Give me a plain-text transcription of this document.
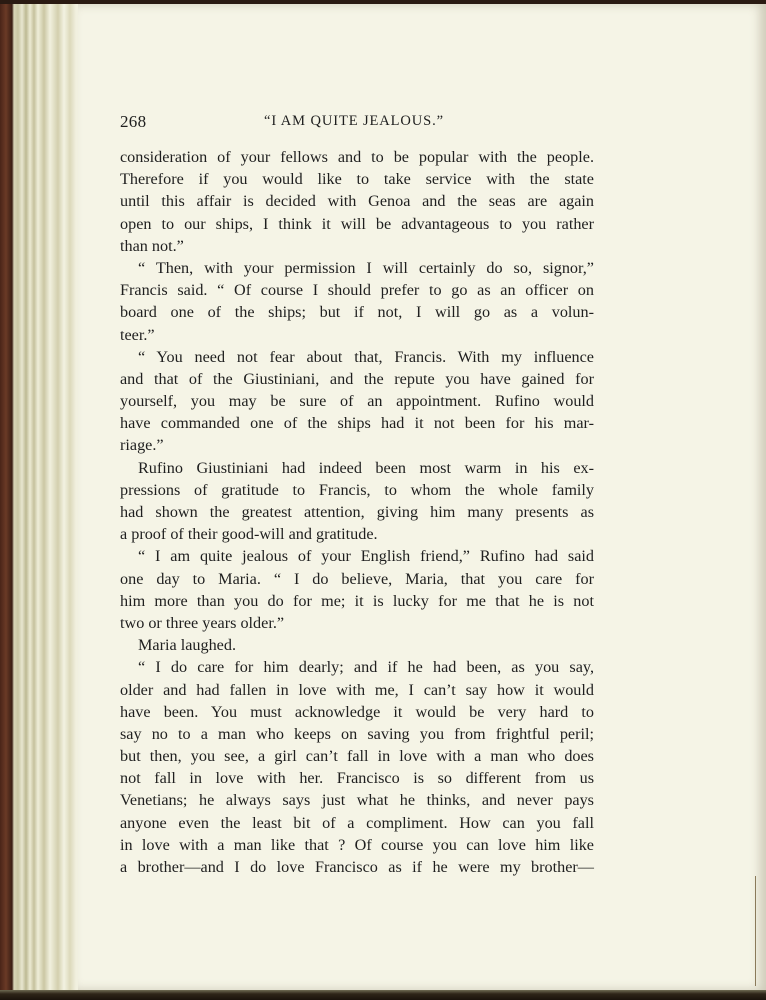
268	“I AM QUITE JEALOUS.”
consideration of your fellows and to be popular with the people.
Therefore if you would like to take service with the state
until this affair is decided with Genoa and the seas are again
open to our ships, I think it will be advantageous to you rather
than not.”
“ Then, with your permission I will certainly do so, signor,”
Francis said. “ Of course I should prefer to go as an officer on
board one of the ships; but if not, I will go as a volun-
teer.”
“ You need not fear about that, Francis. With my influence
and that of the Giustiniani, and the repute you have gained for
yourself, you may be sure of an appointment. Rufino would
have commanded one of the ships had it not been for his mar-
riage.”
Rufino Giustiniani had indeed been most warm in his ex-
pressions of gratitude to Francis, to whom the whole family
had shown the greatest attention, giving him many presents as
a proof of their good-will and gratitude.
“ I am quite jealous of your English friend,” Rufino had said
one day to Maria. “ I do believe, Maria, that you care for
him more than you do for me; it is lucky for me that he is not
two or three years older.”
Maria laughed.
“ I do care for him dearly; and if he had been, as you say,
older and had fallen in love with me, I can’t say how it would
have been. You must acknowledge it would be very hard to
say no to a man who keeps on saving you from frightful peril;
but then, you see, a girl can’t fall in love with a man who does
not fall in love with her. Francisco is so different from us
Venetians; he always says just what he thinks, and never pays
anyone even the least bit of a compliment. How can you fall
in love with a man like that ? Of course you can love him like
a brother—and I do love Francisco as if he were my brother—
